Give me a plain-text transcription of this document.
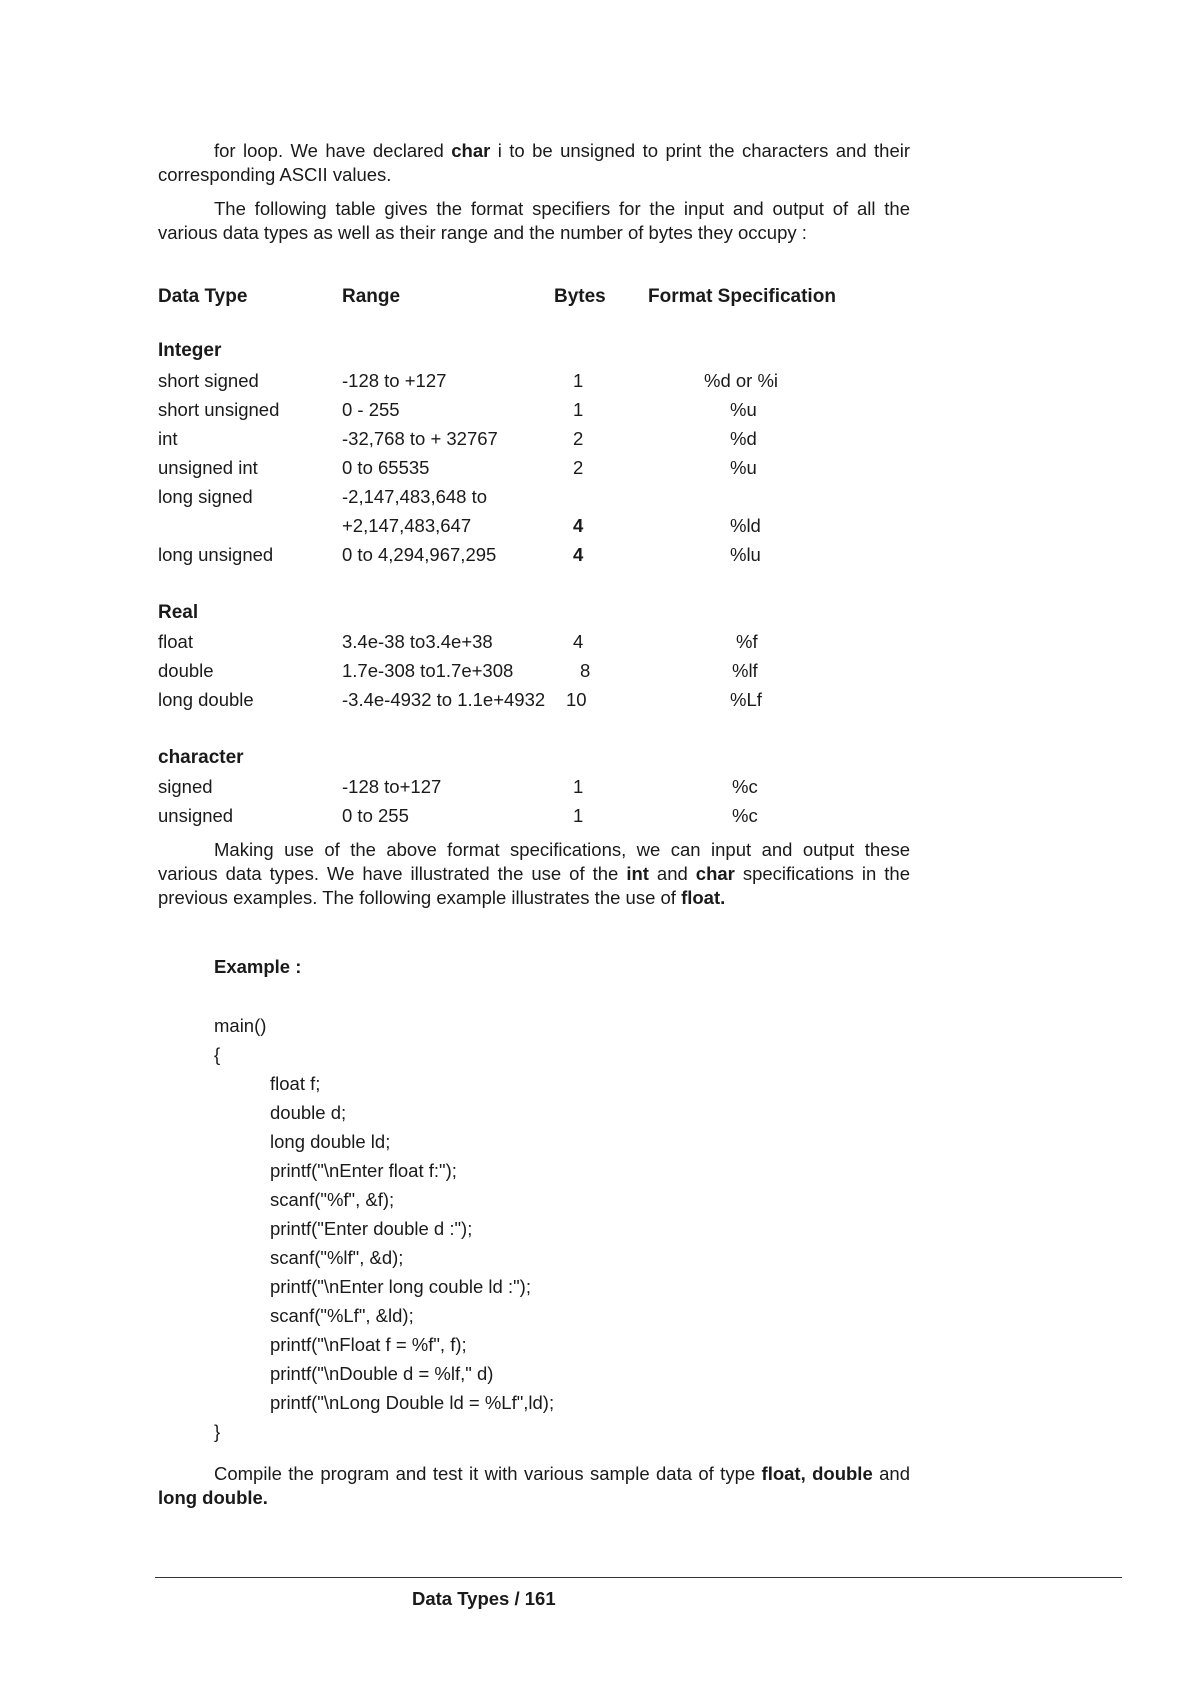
for loop. We have declared char i to be unsigned to print the characters and their corresponding ASCII values.
The following table gives the format specifiers for the input and output of all the various data types as well as their range and the number of bytes they occupy :
Data Type	Range	Bytes Format Specification
Integer
short signed	-128 to +127	1	%d or %i
short unsigned	0 - 255	1	%u
int	-32,768 to + 32767	2	%d
unsigned int	0 to 65535	2	%u
long signed	-2,147,483,648 to
+2,147,483,647	4	%ld
long unsigned	0 to 4,294,967,295	4	%lu
Real
float	3.4e-38 to3.4e+38	4	%f
double	1.7e-308 to1.7e+308	8	%lf
long double	-3.4e-4932 to 1.1e+4932 10	%Lf
character
signed	-128 to+127	1	%c
unsigned	0 to 255	1	%c
Making use of the above format specifications, we can input and output these various data types. We have illustrated the use of the int and char specifications in the previous examples. The following example illustrates the use of float.
Example :
main()
{
float f;
double d;
long double ld;
printf("\nEnter float f:");
scanf("%f", &f);
printf("Enter double d :");
scanf("%lf", &d);
printf("\nEnter long couble ld :");
scanf("%Lf", &ld);
printf("\nFloat f = %f", f);
printf("\nDouble d = %lf," d)
printf("\nLong Double ld = %Lf",ld);
}
Compile the program and test it with various sample data of type float, double and long double.
Data Types / 161
